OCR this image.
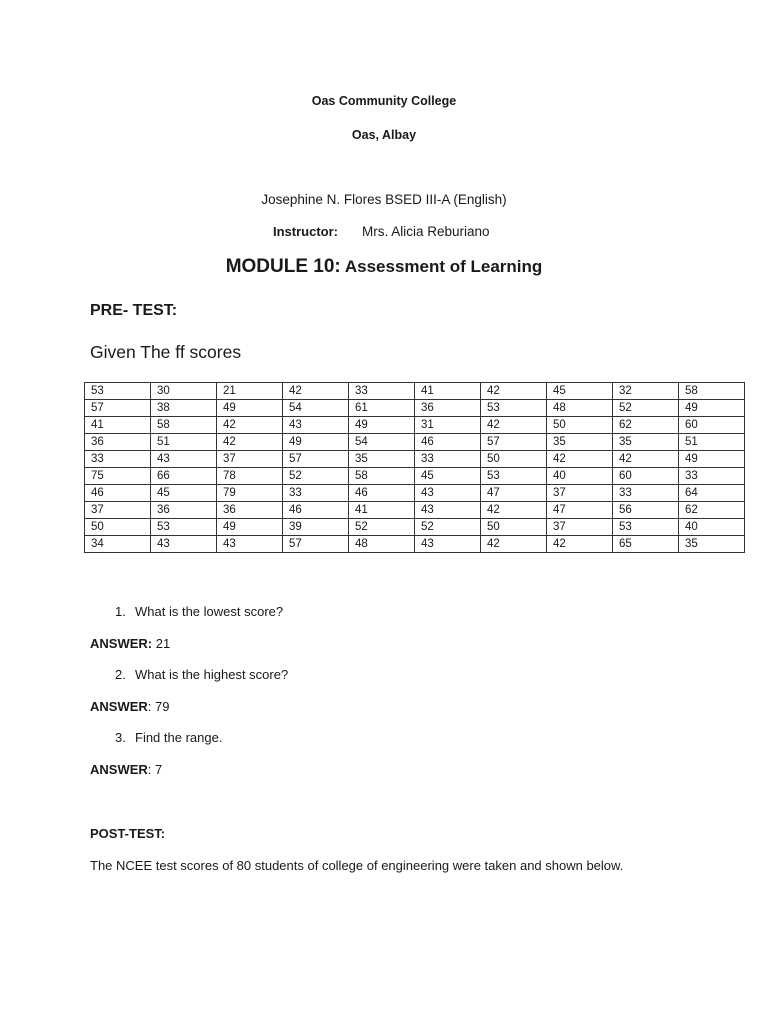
Oas Community College
Oas, Albay
Josephine N. Flores BSED III-A (English)
Instructor: Mrs. Alicia Reburiano
MODULE 10: Assessment of Learning
PRE- TEST:
Given The ff scores
53	30	21	42	33	41	42	45	32	58
57	38	49	54	61	36	53	48	52	49
41	58	42	43	49	31	42	50	62	60
36	51	42	49	54	46	57	35	35	51
33	43	37	57	35	33	50	42	42	49
75	66	78	52	58	45	53	40	60	33
46	45	79	33	46	43	47	37	33	64
37	36	36	46	41	43	42	47	56	62
50	53	49	39	52	52	50	37	53	40
34	43	43	57	48	43	42	42	65	35
1. What is the lowest score?
ANSWER: 21
2. What is the highest score?
ANSWER: 79
3. Find the range.
ANSWER: 7
POST-TEST:
The NCEE test scores of 80 students of college of engineering were taken and shown below.
